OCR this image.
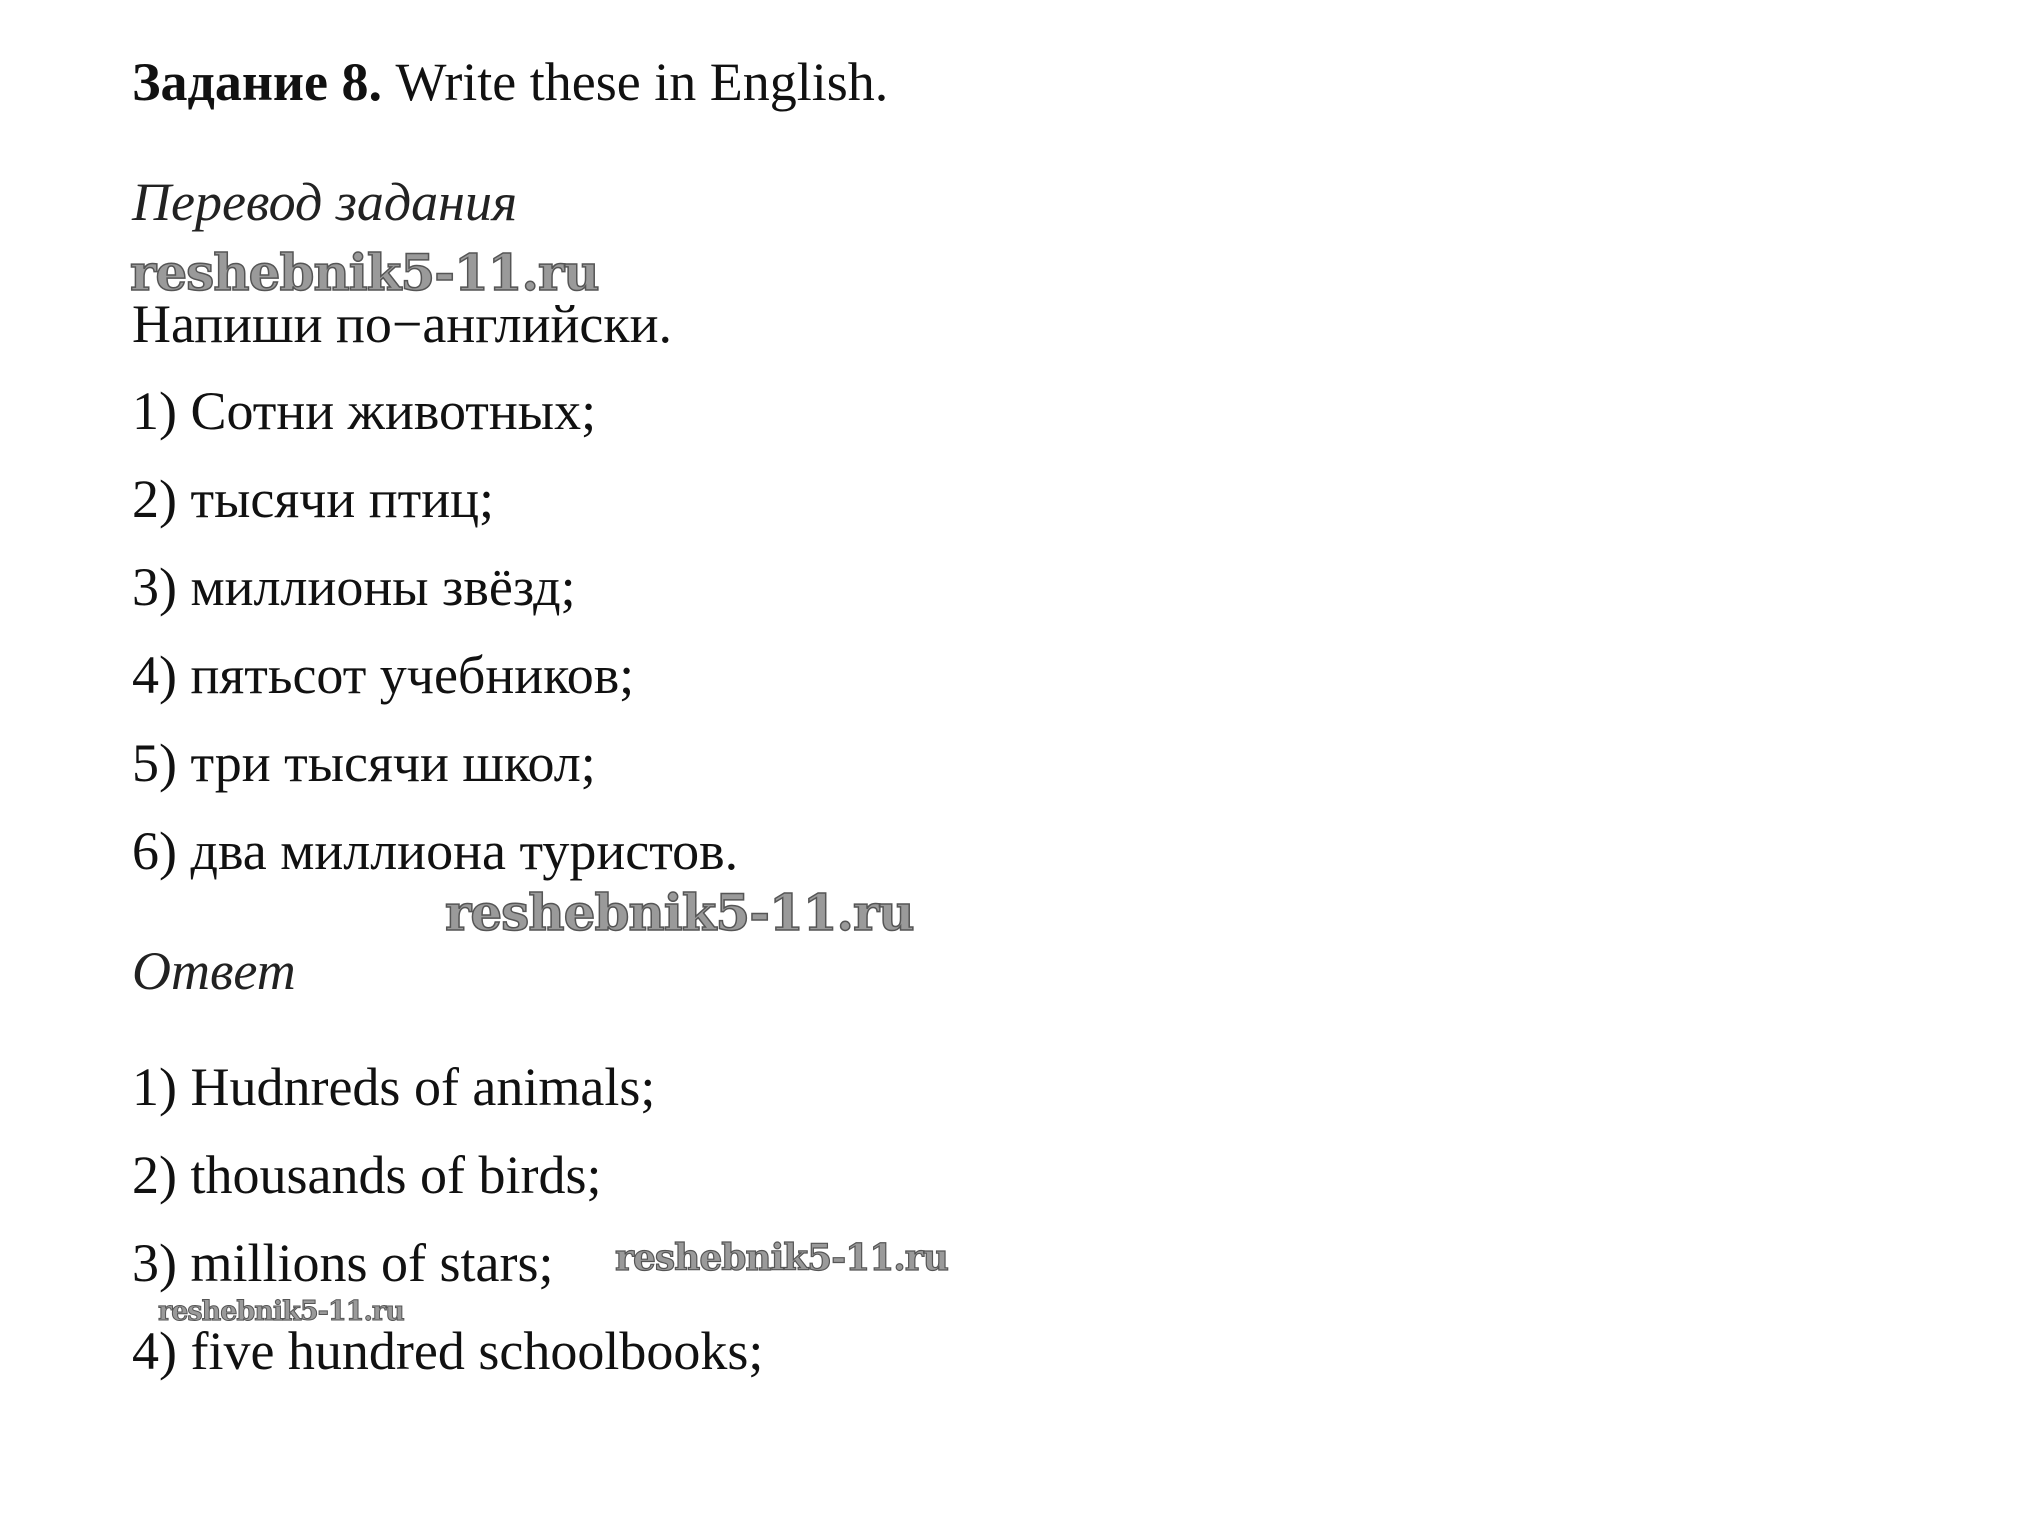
Задание 8. Write these in English.
Перевод задания
reshebnik5-11.ru
Напиши по−английски.
1) Сотни животных;
2) тысячи птиц;
3) миллионы звёзд;
4) пятьсот учебников;
5) три тысячи школ;
6) два миллиона туристов.
reshebnik5-11.ru
Ответ
1) Hudnreds of animals;
2) thousands of birds;
3) millions of stars; reshebnik5-11.ru
reshebnik5-11.ru
4) five hundred schoolbooks;
